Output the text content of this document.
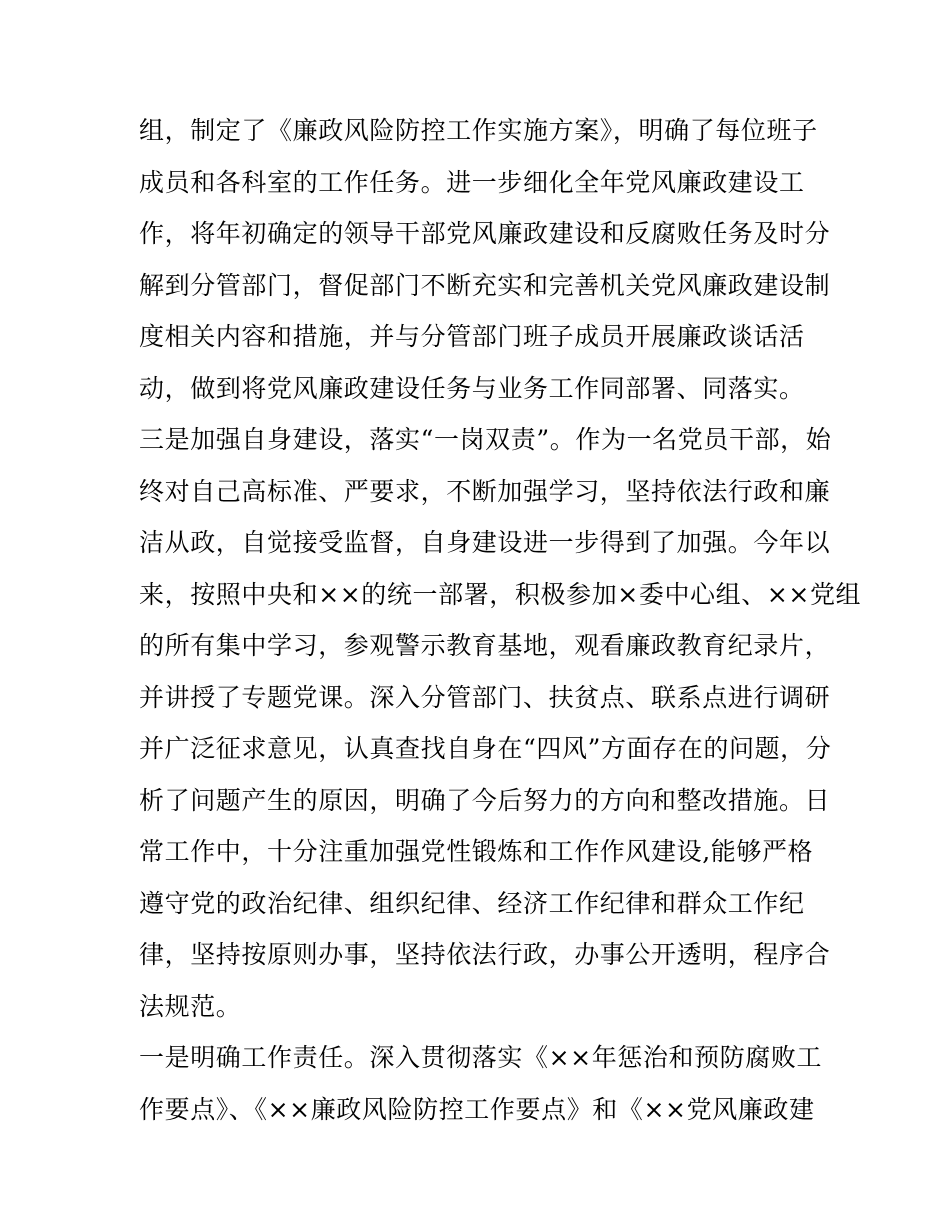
组，制定了《廉政风险防控工作实施方案》，明确了每位班子
成员和各科室的工作任务。进一步细化全年党风廉政建设工
作，将年初确定的领导干部党风廉政建设和反腐败任务及时分
解到分管部门，督促部门不断充实和完善机关党风廉政建设制
度相关内容和措施，并与分管部门班子成员开展廉政谈话活
动，做到将党风廉政建设任务与业务工作同部署、同落实。
三是加强自身建设，落实“一岗双责”。作为一名党员干部，始
终对自己高标准、严要求，不断加强学习，坚持依法行政和廉
洁从政，自觉接受监督，自身建设进一步得到了加强。今年以
来，按照中央和××的统一部署，积极参加×委中心组、××党组
的所有集中学习，参观警示教育基地，观看廉政教育纪录片，
并讲授了专题党课。深入分管部门、扶贫点、联系点进行调研
并广泛征求意见，认真查找自身在“四风”方面存在的问题，分
析了问题产生的原因，明确了今后努力的方向和整改措施。日
常工作中，十分注重加强党性锻炼和工作作风建设,能够严格
遵守党的政治纪律、组织纪律、经济工作纪律和群众工作纪
律，坚持按原则办事，坚持依法行政，办事公开透明，程序合
法规范。
一是明确工作责任。深入贯彻落实《××年惩治和预防腐败工
作要点》、《××廉政风险防控工作要点》和《××党风廉政建
